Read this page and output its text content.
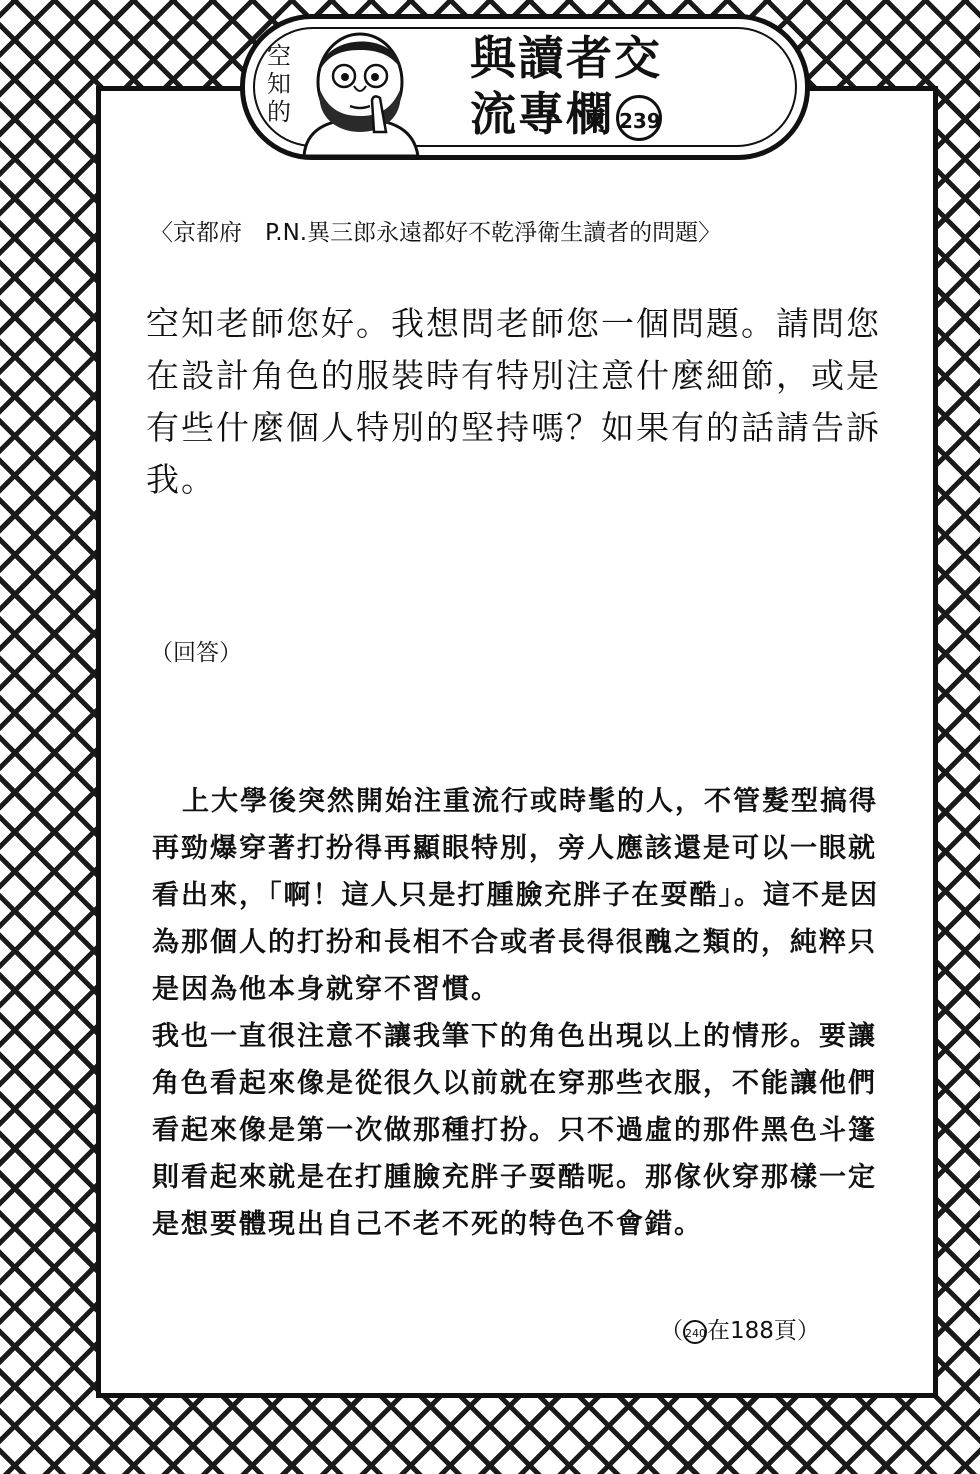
空知的
與讀者交
流專欄 239
〈京都府　P.N.異三郎永遠都好不乾淨衛生讀者的問題〉
空知老師您好。我想問老師您一個問題。請問您在設計角色的服裝時有特別注意什麼細節，或是有些什麼個人特別的堅持嗎？如果有的話請告訴我。
（回答）

上大學後突然開始注重流行或時髦的人，不管髮型搞得再勁爆穿著打扮得再顯眼特別，旁人應該還是可以一眼就看出來，「啊！這人只是打腫臉充胖子在耍酷」。這不是因為那個人的打扮和長相不合或者長得很醜之類的，純粹只是因為他本身就穿不習慣。

我也一直很注意不讓我筆下的角色出現以上的情形。要讓角色看起來像是從很久以前就在穿那些衣服，不能讓他們看起來像是第一次做那種打扮。只不過虛的那件黑色斗篷則看起來就是在打腫臉充胖子耍酷呢。那傢伙穿那樣一定是想要體現出自己不老不死的特色不會錯。

（ 240在188頁）
